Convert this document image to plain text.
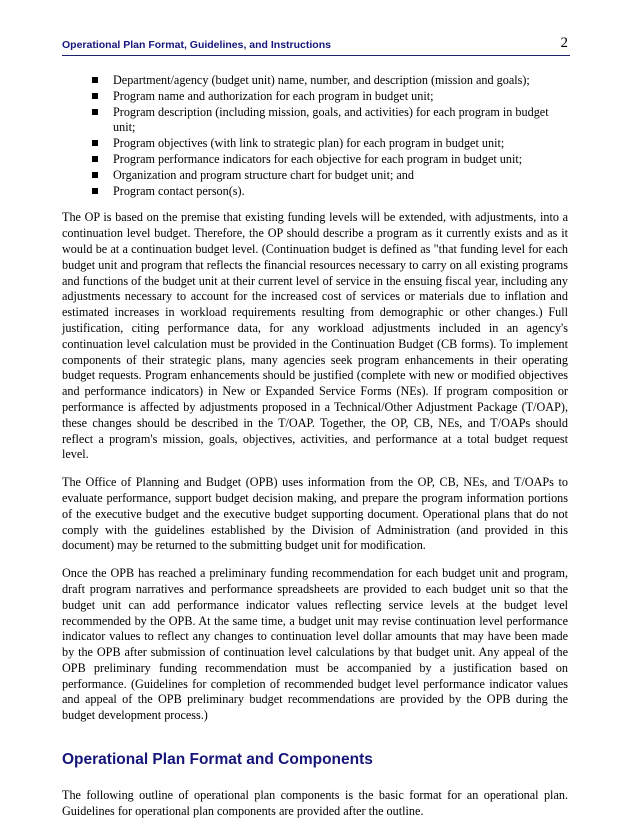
Operational Plan Format, Guidelines, and Instructions	2
Department/agency (budget unit) name, number, and description (mission and goals);
Program name and authorization for each program in budget unit;
Program description (including mission, goals, and activities) for each program in budget unit;
Program objectives (with link to strategic plan) for each program in budget unit;
Program performance indicators for each objective for each program in budget unit;
Organization and program structure chart for budget unit; and
Program contact person(s).

The OP is based on the premise that existing funding levels will be extended, with adjustments, into a continuation level budget. Therefore, the OP should describe a program as it currently exists and as it would be at a continuation budget level. (Continuation budget is defined as "that funding level for each budget unit and program that reflects the financial resources necessary to carry on all existing programs and functions of the budget unit at their current level of service in the ensuing fiscal year, including any adjustments necessary to account for the increased cost of services or materials due to inflation and estimated increases in workload requirements resulting from demographic or other changes.) Full justification, citing performance data, for any workload adjustments included in an agency's continuation level calculation must be provided in the Continuation Budget (CB forms). To implement components of their strategic plans, many agencies seek program enhancements in their operating budget requests. Program enhancements should be justified (complete with new or modified objectives and performance indicators) in New or Expanded Service Forms (NEs). If program composition or performance is affected by adjustments proposed in a Technical/Other Adjustment Package (T/OAP), these changes should be described in the T/OAP. Together, the OP, CB, NEs, and T/OAPs should reflect a program's mission, goals, objectives, activities, and performance at a total budget request level.

The Office of Planning and Budget (OPB) uses information from the OP, CB, NEs, and T/OAPs to evaluate performance, support budget decision making, and prepare the program information portions of the executive budget and the executive budget supporting document. Operational plans that do not comply with the guidelines established by the Division of Administration (and provided in this document) may be returned to the submitting budget unit for modification.

Once the OPB has reached a preliminary funding recommendation for each budget unit and program, draft program narratives and performance spreadsheets are provided to each budget unit so that the budget unit can add performance indicator values reflecting service levels at the budget level recommended by the OPB. At the same time, a budget unit may revise continuation level performance indicator values to reflect any changes to continuation level dollar amounts that may have been made by the OPB after submission of continuation level calculations by that budget unit. Any appeal of the OPB preliminary funding recommendation must be accompanied by a justification based on performance. (Guidelines for completion of recommended budget level performance indicator values and appeal of the OPB preliminary budget recommendations are provided by the OPB during the budget development process.)

Operational Plan Format and Components

The following outline of operational plan components is the basic format for an operational plan. Guidelines for operational plan components are provided after the outline.
